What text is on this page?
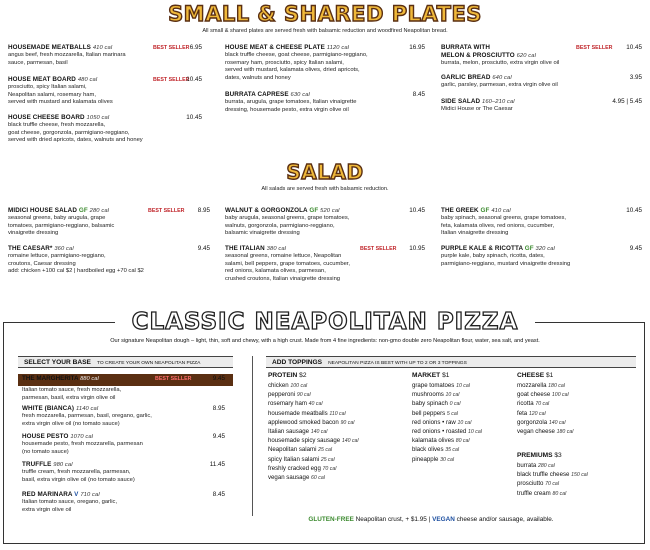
SMALL & SHARED PLATES
All small & shared plates are served fresh with balsamic reduction and woodfired Neapolitan bread.
HOUSEMADE MEATBALLS 410 cal
angus beef, fresh mozzarella, Italian marinara
sauce, parmesan, basil
BEST SELLER 6.95
HOUSE MEAT BOARD 480 cal
prosciutto, spicy Italian salami,
Neapolitan salami, rosemary ham,
served with mustard and kalamata olives
BEST SELLER
10.45
HOUSE CHEESE BOARD 1050 cal
black truffle cheese, fresh mozzarella,
goat cheese, gorgonzola, parmigiano-reggiano,
served with dried apricots, dates, walnuts and honey
10.45
HOUSE MEAT & CHEESE PLATE 1120 cal
black truffle cheese, goat cheese, parmigiano-reggiano,
rosemary ham, prosciutto, spicy Italian salami,
served with mustard, kalamata olives, dried apricots,
dates, walnuts and honey
16.95
BURRATA CAPRESE 630 cal
burrata, arugula, grape tomatoes, Italian vinaigrette
dressing, housemade pesto, extra virgin olive oil
8.45
BURRATA WITH
MELON & PROSCIUTTO 620 cal
burrata, melon, prosciutto, extra virgin olive oil
BEST SELLER	10.45
GARLIC BREAD 640 cal
garlic, parsley, parmesan, extra virgin olive oil
3.95
SIDE SALAD 160–210 cal
Midici House or The Caesar
4.95 | 5.45
SALAD
All salads are served fresh with balsamic reduction.
MIDICI HOUSE SALAD GF 280 cal
seasonal greens, baby arugula, grape
tomatoes, parmigiano-reggiano, balsamic
vinaigrette dressing
BEST SELLER	8.95
THE CAESAR* 360 cal
romaine lettuce, parmigiano-reggiano,
croutons, Caesar dressing
add: chicken +100 cal $2 | hardboiled egg +70 cal $2
9.45
WALNUT & GORGONZOLA GF 520 cal
baby arugula, seasonal greens, grape tomatoes,
walnuts, gorgonzola, parmigiano-reggiano,
balsamic vinaigrette dressing
10.45
THE ITALIAN 380 cal
seasonal greens, romaine lettuce, Neapolitan
salami, bell peppers, grape tomatoes, cucumber,
red onions, kalamata olives, parmesan,
crushed croutons, Italian vinaigrette dressing
BEST SELLER	10.95
THE GREEK GF 410 cal
baby spinach, seasonal greens, grape tomatoes,
feta, kalamata olives, red onions, cucumber,
Italian vinaigrette dressing
10.45
PURPLE KALE & RICOTTA GF 320 cal
purple kale, baby spinach, ricotta, dates,
parmigiano-reggiano, mustard vinaigrette dressing
9.45
CLASSIC NEAPOLITAN PIZZA
Our signature Neapolitan dough – light, thin, soft and chewy, with a high crust. Made from 4 fine ingredients: non-gmo double zero Neapolitan flour, water, sea salt, and yeast.
SELECT YOUR BASE TO CREATE YOUR OWN NEAPOLITAN PIZZA	ADD TOPPINGS NEAPOLITAN PIZZA IS BEST WITH UP TO 2 OR 3 TOPPINGS
THE MARGHERITA 880 cal	BEST SELLER	9.45
Italian tomato sauce, fresh mozzarella,
parmesan, basil, extra virgin olive oil
WHITE (BIANCA) 1140 cal
fresh mozzarella, parmesan, basil, oregano, garlic,
extra virgin olive oil (no tomato sauce)
8.95
HOUSE PESTO 1070 cal
housemade pesto, fresh mozzarella, parmesan
(no tomato sauce)
9.45
TRUFFLE 980 cal
truffle cream, fresh mozzarella, parmesan,
basil, extra virgin olive oil (no tomato sauce)
11.45
RED MARINARA V 710 cal
Italian tomato sauce, oregano, garlic,
extra virgin olive oil
8.45
PROTEIN $2
chicken 100 cal
pepperoni 90 cal
rosemary ham 40 cal
housemade meatballs 110 cal
applewood smoked bacon 90 cal
Italian sausage 140 cal
housemade spicy sausage 140 cal
Neapolitan salami 25 cal
spicy Italian salami 25 cal
freshly cracked egg 70 cal
vegan sausage 60 cal
MARKET $1
grape tomatoes 10 cal
mushrooms 10 cal
baby spinach 0 cal
bell peppers 5 cal
red onions • raw 10 cal
red onions • roasted 10 cal
kalamata olives 80 cal
black olives 35 cal
pineapple 30 cal
CHEESE $1
mozzarella 180 cal
goat cheese 100 cal
ricotta 70 cal
feta 120 cal
gorgonzola 140 cal
vegan cheese 180 cal
PREMIUMS $3
burrata 280 cal
black truffle cheese 150 cal
prosciutto 70 cal
truffle cream 80 cal
GLUTEN-FREE Neapolitan crust, + $1.95 | VEGAN cheese and/or sausage, available.
